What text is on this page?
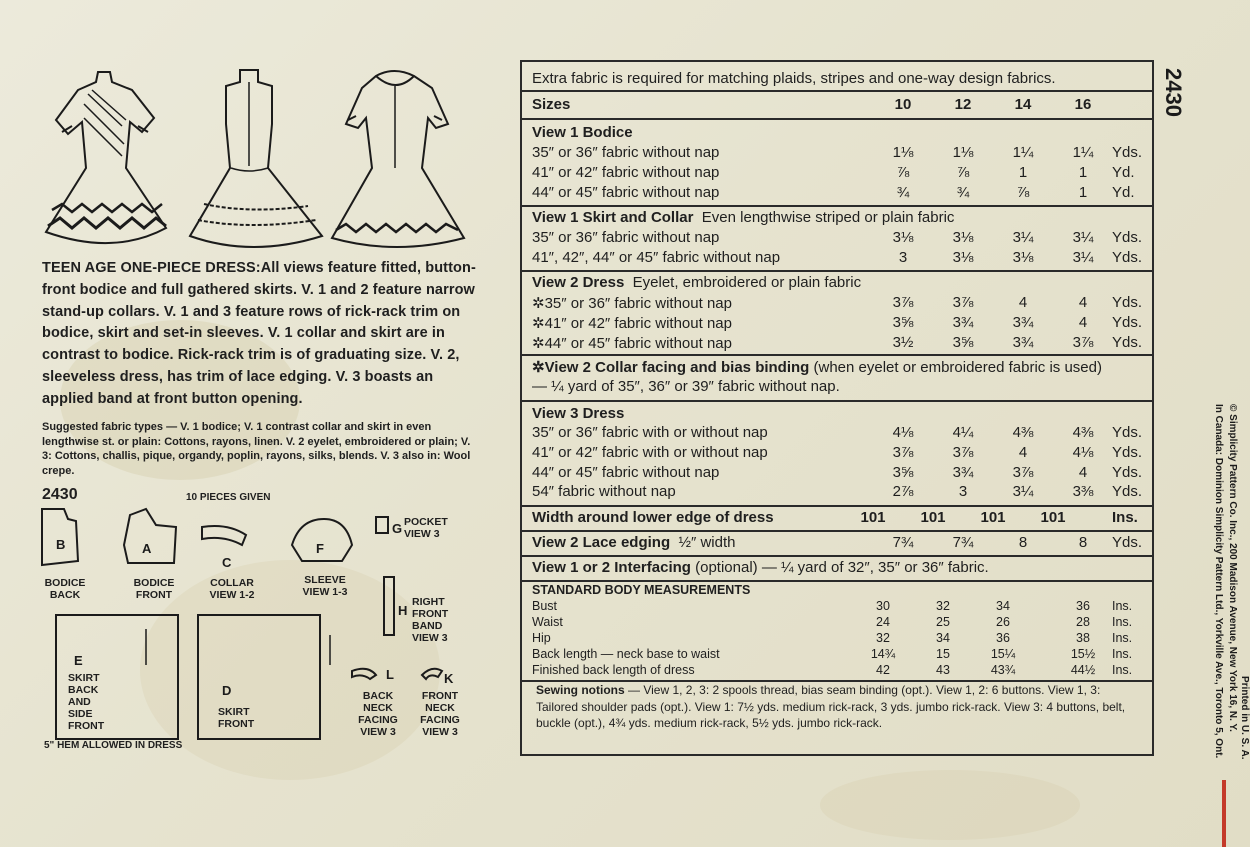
TEEN AGE ONE-PIECE DRESS:All views feature fitted, button-front bodice and full gathered skirts. V. 1 and 2 feature narrow stand-up collars. V. 1 and 3 feature rows of rick-rack trim on bodice, skirt and set-in sleeves. V. 1 collar and skirt are in contrast to bodice. Rick-rack trim is of graduating size. V. 2, sleeveless dress, has trim of lace edging. V. 3 boasts an applied band at front button opening.
Suggested fabric types — V. 1 bodice; V. 1 contrast collar and skirt in even lengthwise st. or plain: Cottons, rayons, linen. V. 2 eyelet, embroidered or plain; V. 3: Cottons, challis, pique, organdy, poplin, rayons, silks, blends. V. 3 also in: Wool crepe.
2430	10 PIECES GIVEN
B	A
C
F
G
H
E
D
L	K
BODICE BACK
BODICE FRONT
COLLAR VIEW 1-2
SLEEVE VIEW 1-3
POCKET VIEW 3
RIGHT FRONT BAND VIEW 3
SKIRT BACK AND SIDE FRONT
SKIRT FRONT
BACK NECK FACING VIEW 3
FRONT NECK FACING VIEW 3
5" HEM ALLOWED IN DRESS
Extra fabric is required for matching plaids, stripes and one-way design fabrics.
Sizes	10	12	14	16
View 1 Bodice
35″ or 36″ fabric without nap	1⅛	1⅛	1¼	1¼	Yds.
41″ or 42″ fabric without nap	⅞	⅞	1	1	Yd.
44″ or 45″ fabric without nap	¾	¾	⅞	1	Yd.
View 1 Skirt and Collar Even lengthwise striped or plain fabric
35″ or 36″ fabric without nap	3⅛	3⅛	3¼	3¼	Yds.
41″, 42″, 44″ or 45″ fabric without nap	3	3⅛	3⅛	3¼	Yds.
View 2 Dress Eyelet, embroidered or plain fabric
✲35″ or 36″ fabric without nap	3⅞	3⅞	4	4	Yds.
✲41″ or 42″ fabric without nap	3⅝	3¾	3¾	4	Yds.
✲44″ or 45″ fabric without nap	3½	3⅝	3¾	3⅞	Yds.
✲View 2 Collar facing and bias binding (when eyelet or embroidered fabric is used)
— ¼ yard of 35″, 36″ or 39″ fabric without nap.
View 3 Dress
35″ or 36″ fabric with or without nap	4⅛	4¼	4⅜	4⅜	Yds.
41″ or 42″ fabric with or without nap	3⅞	3⅞	4	4⅛	Yds.
44″ or 45″ fabric without nap	3⅝	3¾	3⅞	4	Yds.
54″ fabric without nap	2⅞	3	3¼	3⅜	Yds.
Width around lower edge of dress	101	101	101	101	Ins.
View 2 Lace edging ½″ width	7¾	7¾	8	8	Yds.
View 1 or 2 Interfacing (optional) — ¼ yard of 32″, 35″ or 36″ fabric.
STANDARD BODY MEASUREMENTS
Bust	30	32	34	36	Ins.
Waist	24	25	26	28	Ins.
Hip	32	34	36	38	Ins.
Back length — neck base to waist	14¾	15	15¼	15½	Ins.
Finished back length of dress	42	43	43¾	44½	Ins.
Sewing notions — View 1, 2, 3: 2 spools thread, bias seam binding (opt.). View 1, 2: 6 buttons. View 1, 3: Tailored shoulder pads (opt.). View 1: 7½ yds. medium rick-rack, 3 yds. jumbo rick-rack. View 3: 4 buttons, belt, buckle (opt.), 4¾ yds. medium rick-rack, 5½ yds. jumbo rick-rack.
2430
© Simplicity Pattern Co. Inc., 200 Madison Avenue, New York 16, N. Y.
In Canada: Dominion Simplicity Pattern Ltd., Yorkville Ave., Toronto 5, Ont. Printed in U. S. A.
